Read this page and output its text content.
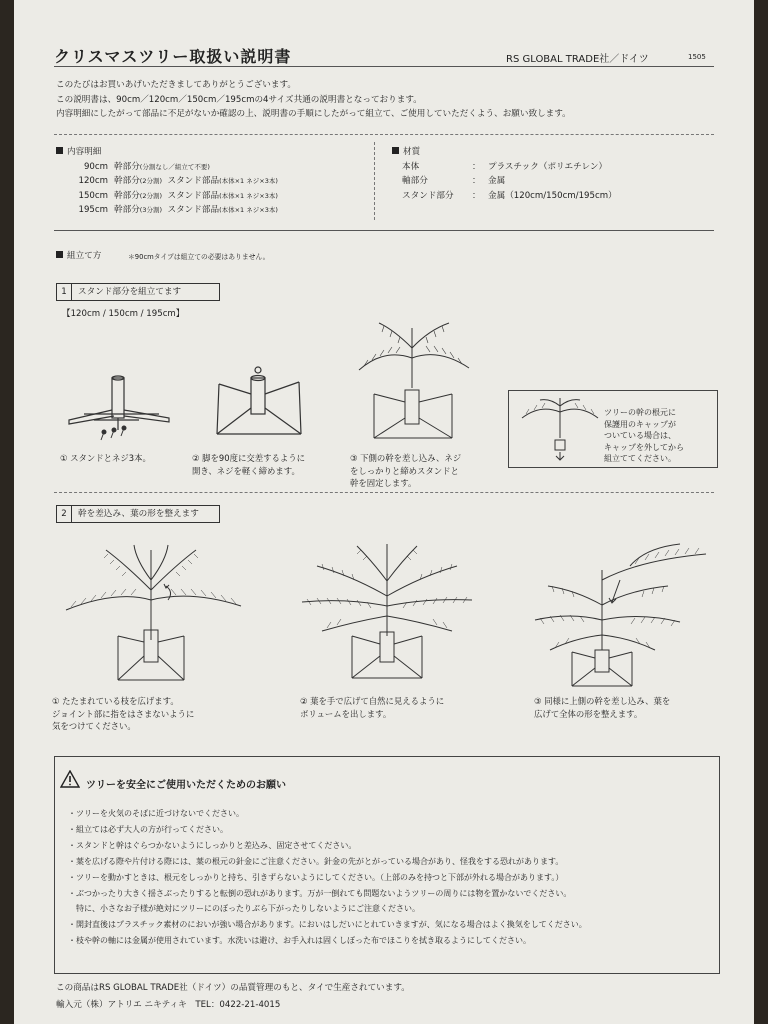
クリスマスツリー取扱い説明書	RS GLOBAL TRADE社／ドイツ	1505
このたびはお買いあげいただきましてありがとうございます。
この説明書は、90cm／120cm／150cm／195cmの4サイズ共通の説明書となっております。
内容明細にしたがって部品に不足がないか確認の上、説明書の手順にしたがって組立て、ご使用していただくよう、お願い致します。
内容明細
90cm 幹部分(分割なし／組立て不要)
120cm 幹部分(2分割) スタンド部品(本体×1 ネジ×3本)
150cm 幹部分(2分割) スタンド部品(本体×1 ネジ×3本)
195cm 幹部分(3分割) スタンド部品(本体×1 ネジ×3本)
材質
本体	： プラスチック（ポリエチレン）
軸部分	： 金属
スタンド部分 ： 金属（120cm/150cm/195cm）
組立て方	＊90cmタイプは組立ての必要はありません。
1 スタンド部分を組立てます
【120cm / 150cm / 195cm】
ツリーの幹の根元に
保護用のキャップが
ついている場合は、
キャップを外してから
組立ててください。
① スタンドとネジ3本。	② 脚を90度に交差するように
開き、ネジを軽く締めます。
③ 下側の幹を差し込み、ネジ
をしっかりと締めスタンドと
幹を固定します。
2 幹を差込み、葉の形を整えます
① たたまれている枝を広げます。
ジョイント部に指をはさまないように
気をつけてください。
② 葉を手で広げて自然に見えるように
ボリュームを出します。
③ 同様に上側の幹を差し込み、葉を
広げて全体の形を整えます。
ツリーを安全にご使用いただくためのお願い
・ツリーを火気のそばに近づけないでください。
・組立ては必ず大人の方が行ってください。
・スタンドと幹はぐらつかないようにしっかりと差込み、固定させてください。
・葉を広げる際や片付ける際には、葉の根元の針金にご注意ください。針金の先がとがっている場合があり、怪我をする恐れがあります。
・ツリーを動かすときは、根元をしっかりと持ち、引きずらないようにしてください。（上部のみを持つと下部が外れる場合があります。）
・ぶつかったり大きく揺さぶったりすると転倒の恐れがあります。万が一倒れても問題ないようツリーの周りには物を置かないでください。
　特に、小さなお子様が絶対にツリーにのぼったりぶら下がったりしないようにご注意ください。
・開封直後はプラスチック素材のにおいが強い場合があります。においはしだいにとれていきますが、気になる場合はよく換気をしてください。
・枝や幹の軸には金属が使用されています。水洗いは避け、お手入れは固くしぼった布でほこりを拭き取るようにしてください。
この商品はRS GLOBAL TRADE社（ドイツ）の品質管理のもと、タイで生産されています。
輸入元（株）アトリエ ニキティキ　TEL：0422-21-4015
